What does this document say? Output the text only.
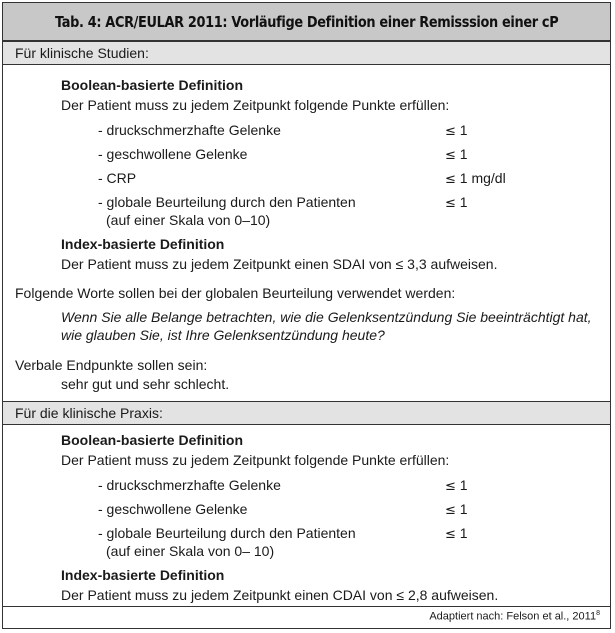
Tab. 4: ACR/EULAR 2011: Vorläufige Definition einer Remisssion einer cP
Für klinische Studien:
Boolean-basierte Definition
Der Patient muss zu jedem Zeitpunkt folgende Punkte erfüllen:
- druckschmerzhafte Gelenke	≤ 1
- geschwollene Gelenke	≤ 1
- CRP	≤ 1 mg/dl
- globale Beurteilung durch den Patienten	≤ 1
(auf einer Skala von 0–10)
Index-basierte Definition
Der Patient muss zu jedem Zeitpunkt einen SDAI von ≤ 3,3 aufweisen.
Folgende Worte sollen bei der globalen Beurteilung verwendet werden:
Wenn Sie alle Belange betrachten, wie die Gelenksentzündung Sie beeinträchtigt hat,
wie glauben Sie, ist Ihre Gelenksentzündung heute?
Verbale Endpunkte sollen sein:
sehr gut und sehr schlecht.
Für die klinische Praxis:
Boolean-basierte Definition
Der Patient muss zu jedem Zeitpunkt folgende Punkte erfüllen:
- druckschmerzhafte Gelenke	≤ 1
- geschwollene Gelenke	≤ 1
- globale Beurteilung durch den Patienten	≤ 1
(auf einer Skala von 0– 10)
Index-basierte Definition
Der Patient muss zu jedem Zeitpunkt einen CDAI von ≤ 2,8 aufweisen.
Adaptiert nach: Felson et al., 2011$^8$
